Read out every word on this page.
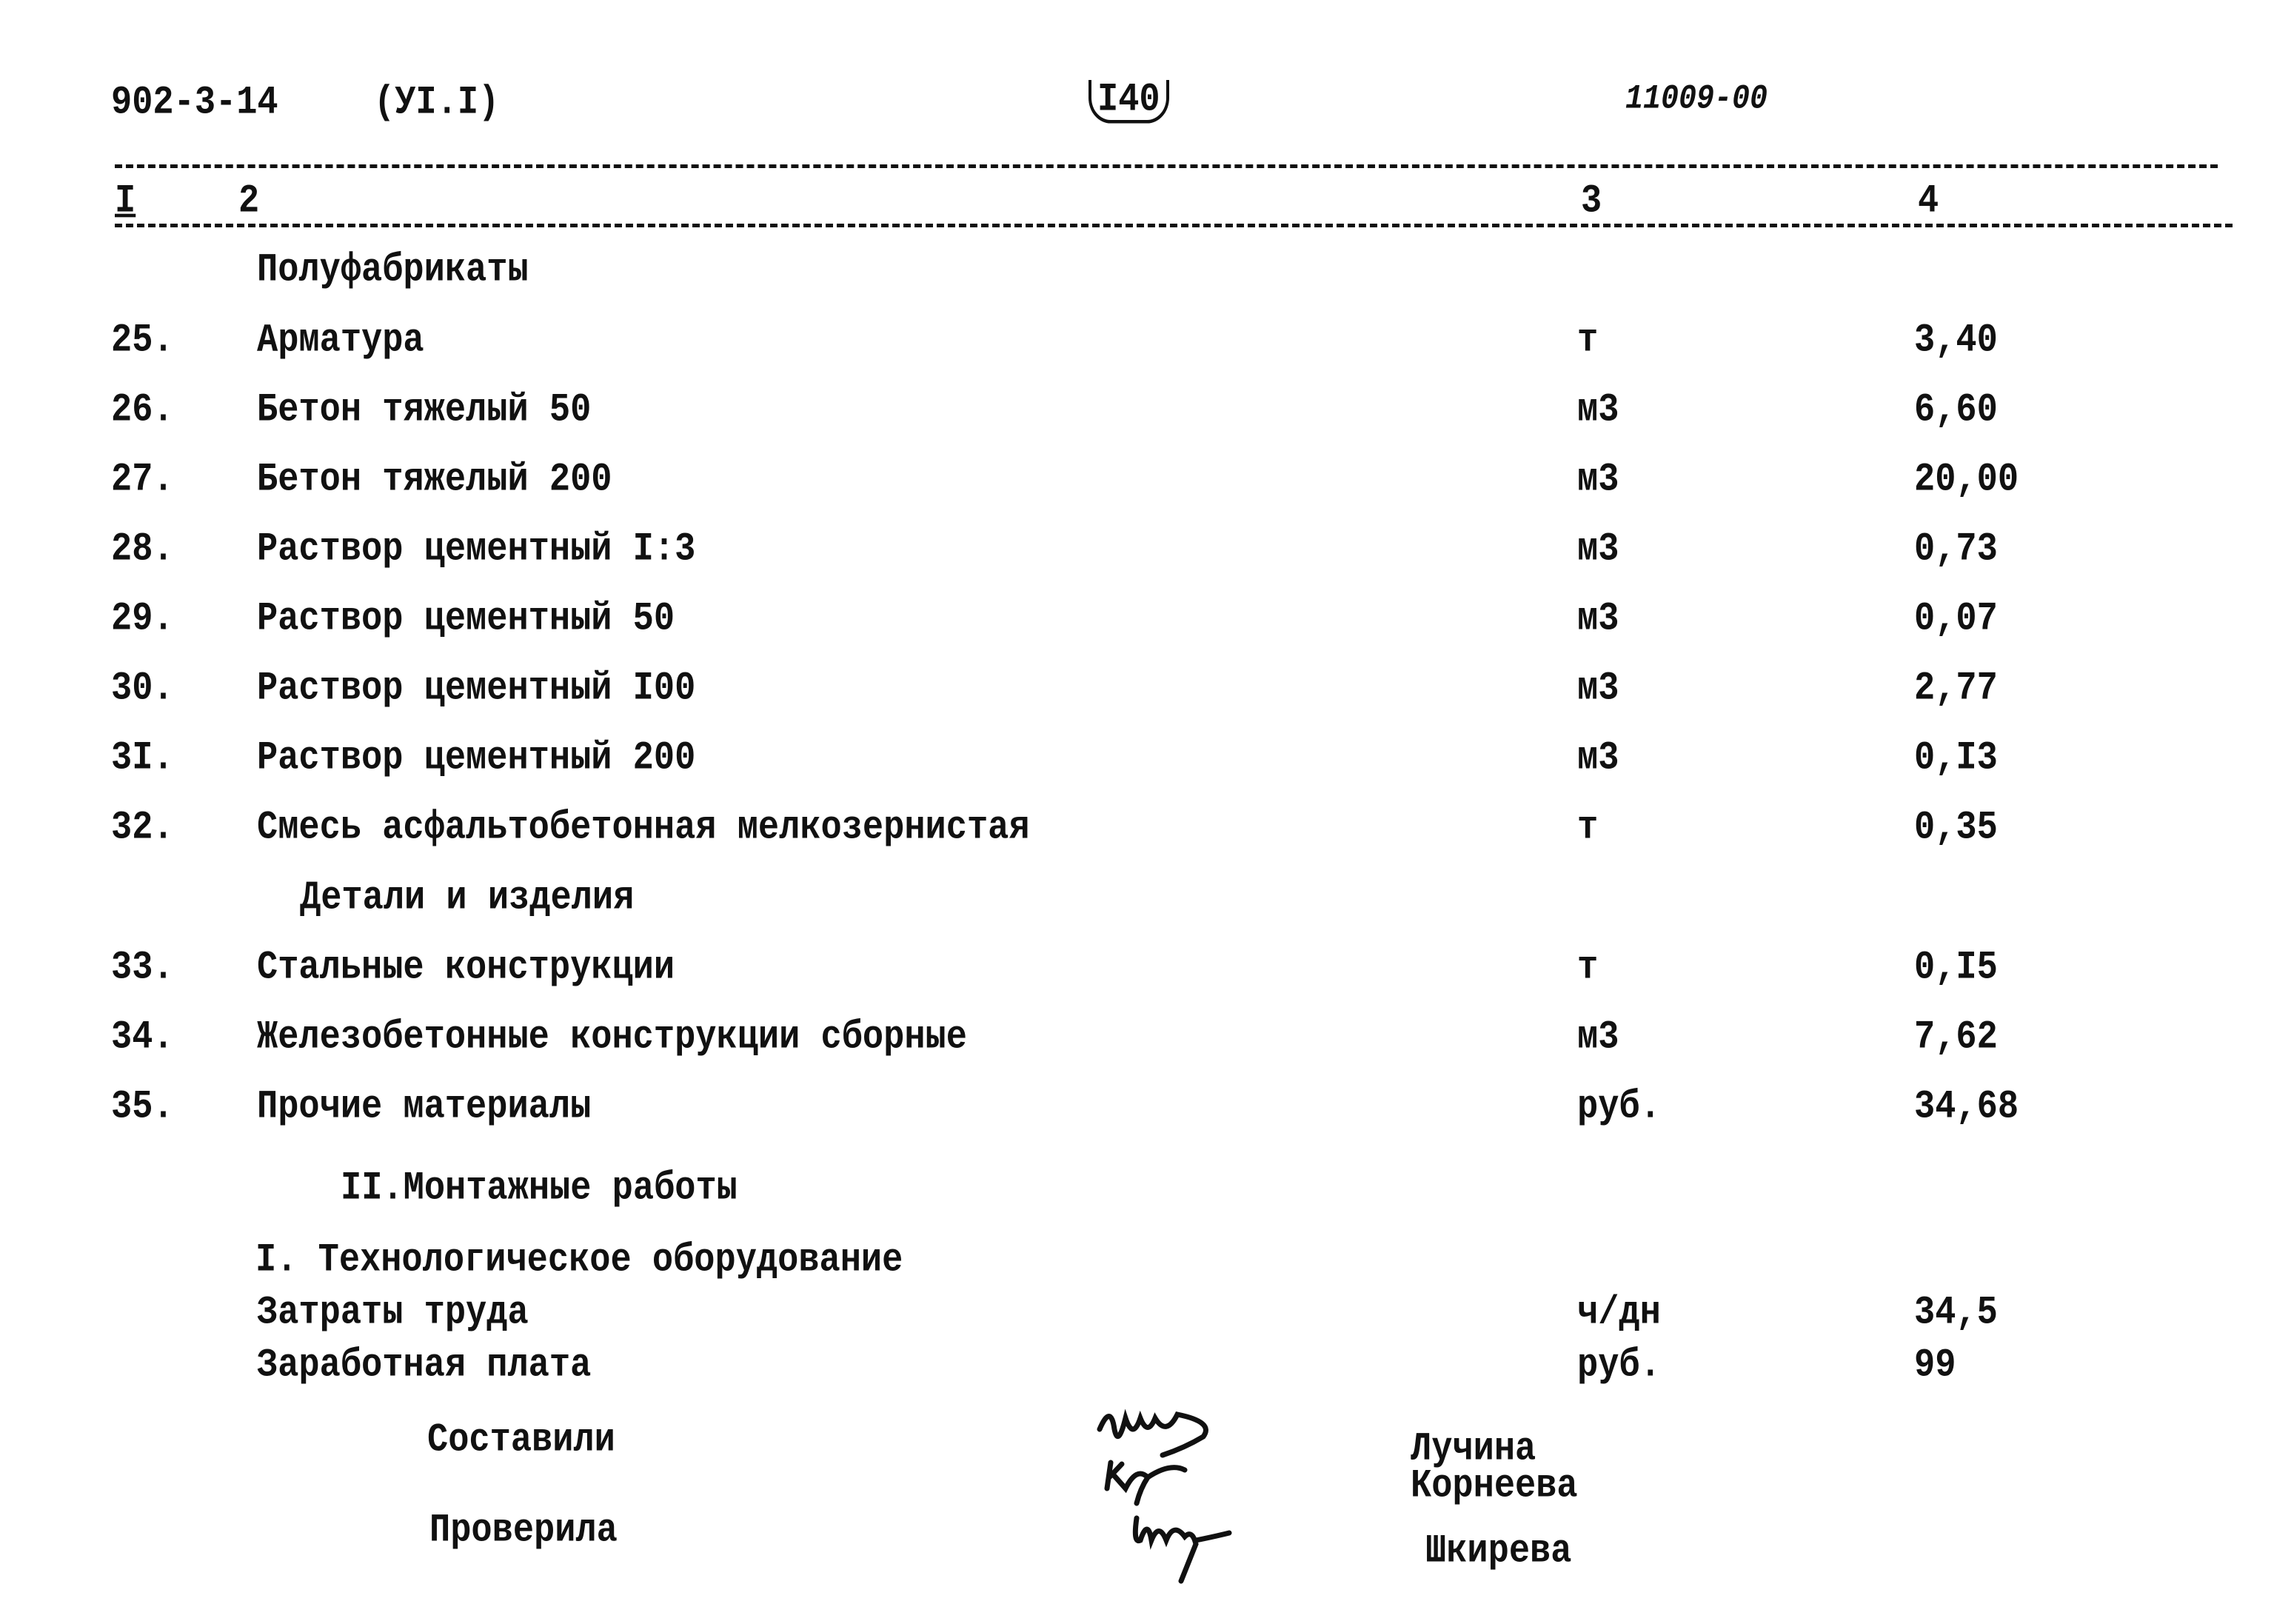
902-3-14	(УI.I)	I40	11009-00
I	2	3	4
Полуфабрикаты
25. Арматура	т	3,40
26. Бетон тяжелый 50	м3	6,60
27. Бетон тяжелый 200	м3	20,00
28. Раствор цементный I:3	м3	0,73
29. Раствор цементный 50	м3	0,07
30. Раствор цементный I00	м3	2,77
3I. Раствор цементный 200	м3	0,I3
32. Смесь асфальтобетонная мелкозернистая	т	0,35
Детали и изделия
33. Стальные конструкции	т	0,I5
34. Железобетонные конструкции сборные	м3	7,62
35. Прочие материалы	руб.	34,68
II.Монтажные работы
I. Технологическое оборудование
Затраты труда	ч/дн	34,5
Заработная плата	руб.	99
Составили
Проверила
Лучина
Корнеева
Шкирева
